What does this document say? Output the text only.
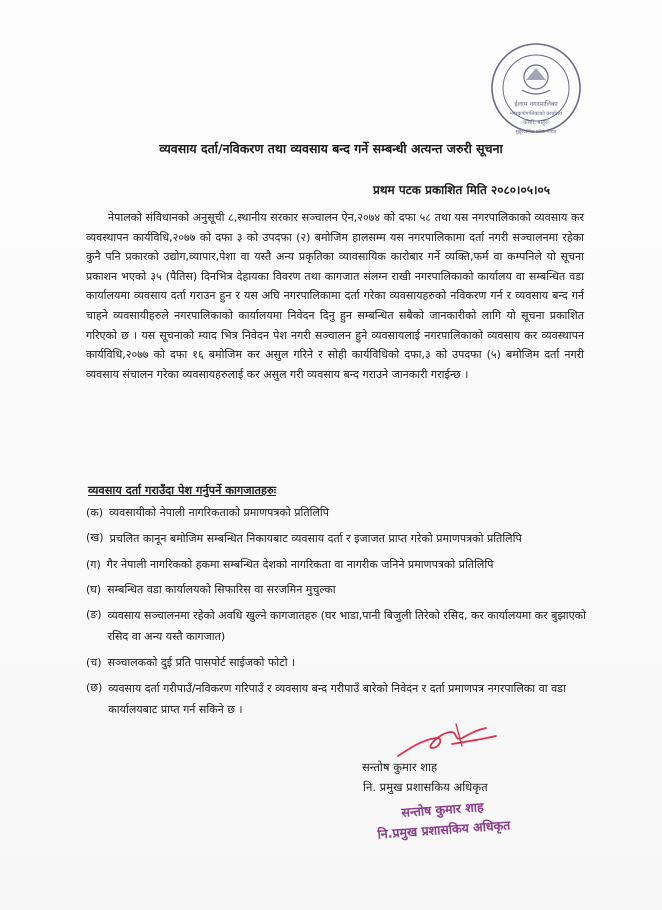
ईलाम नगरपालिका
नगरकार्यपालिकाको कार्यालय
कोशी, बाहुरा
सुदूरपश्चिम प्रदेश, नेपाल
व्यवसाय दर्ता/नविकरण तथा व्यवसाय बन्द गर्ने सम्बन्धी अत्यन्त जरुरी सूचना
प्रथम पटक प्रकाशित मिति २०८०।०५।०५

नेपालको संविधानको अनुसूची ८,स्थानीय सरकार सञ्चालन ऐन,२०७४ को दफा ५८ तथा यस नगरपालिकाको व्यवसाय कर व्यवस्थापन कार्यविधि,२०७७ को दफा ३ को उपदफा (२) बमोजिम हालसम्म यस नगरपालिकामा दर्ता नगरी सञ्चालनमा रहेका कुनै पनि प्रकारको उद्योग,व्यापार,पेशा वा यस्तै अन्य प्रकृतिका व्यावसायिक कारोबार गर्ने व्यक्ति,फर्म वा कम्पनिले यो सूचना प्रकाशन भएको ३५ (पैतिस) दिनभित्र देहायका विवरण तथा कागजात संलग्न राखी नगरपालिकाको कार्यालय वा सम्बन्धित वडा कार्यालयमा व्यवसाय दर्ता गराउन हुन र यस अघि नगरपालिकामा दर्ता गरेका व्यवसायहरुको नविकरण गर्न र व्यवसाय बन्द गर्न चाहने व्यवसायीहरुले नगरपालिकाको कार्यालयमा निवेदन दिनु हुन सम्बन्धित सबैको जानकारीको लागि यो सूचना प्रकाशित गरिएको छ । यस सूचनाको म्याद भित्र निवेदन पेश नगरी सञ्चालन हुने व्यवसायलाई नगरपालिकाको व्यवसाय कर व्यवस्थापन कार्यविधि,२०७७ को दफा १६ बमोजिम कर असुल गरिने र सोही कार्यविधिको दफा,३ को उपदफा (५) बमोजिम दर्ता नगरी व्यवसाय संचालन गरेका व्यवसायहरुलाई कर असुल गरी व्यवसाय बन्द गराउने जानकारी गराईन्छ ।

व्यवसाय दर्ता गराउँदा पेश गर्नुपर्ने कागजातहरुः
(क) व्यवसायीको नेपाली नागरिकताको प्रमाणपत्रको प्रतिलिपि
(ख) प्रचलित कानून बमोजिम सम्बन्धित निकायबाट व्यवसाय दर्ता र इजाजत प्राप्त गरेको प्रमाणपत्रको प्रतिलिपि
(ग) गैर नेपाली नागरिकको हकमा सम्बन्धित देशको नागरिकता वा नागरीक जनिने प्रमाणपत्रको प्रतिलिपि
(घ) सम्बन्धित वडा कार्यालयको सिफारिस वा सरजमिन मुचुल्का
(ङ) व्यवसाय सञ्चालनमा रहेको अवधि खुल्ने कागजातहरु (घर भाडा,पानी बिजुली तिरेको रसिद, कर कार्यालयमा कर बुझाएको रसिद वा अन्य यस्तै कागजात)
(च) सञ्चालकको दुई प्रति पासपोर्ट साईजको फोटो ।
(छ) व्यवसाय दर्ता गरीपाउँ/नविकरण गरिपाउँ र व्यवसाय बन्द गरीपाउँ बारेको निवेदन र दर्ता प्रमाणपत्र नगरपालिका वा वडा कार्यालयबाट प्राप्त गर्न सकिने छ ।
सन्तोष कुमार शाह
नि. प्रमुख प्रशासकिय अधिकृत
सन्तोष कुमार शाह
नि.प्रमुख प्रशासकिय अधिकृत
